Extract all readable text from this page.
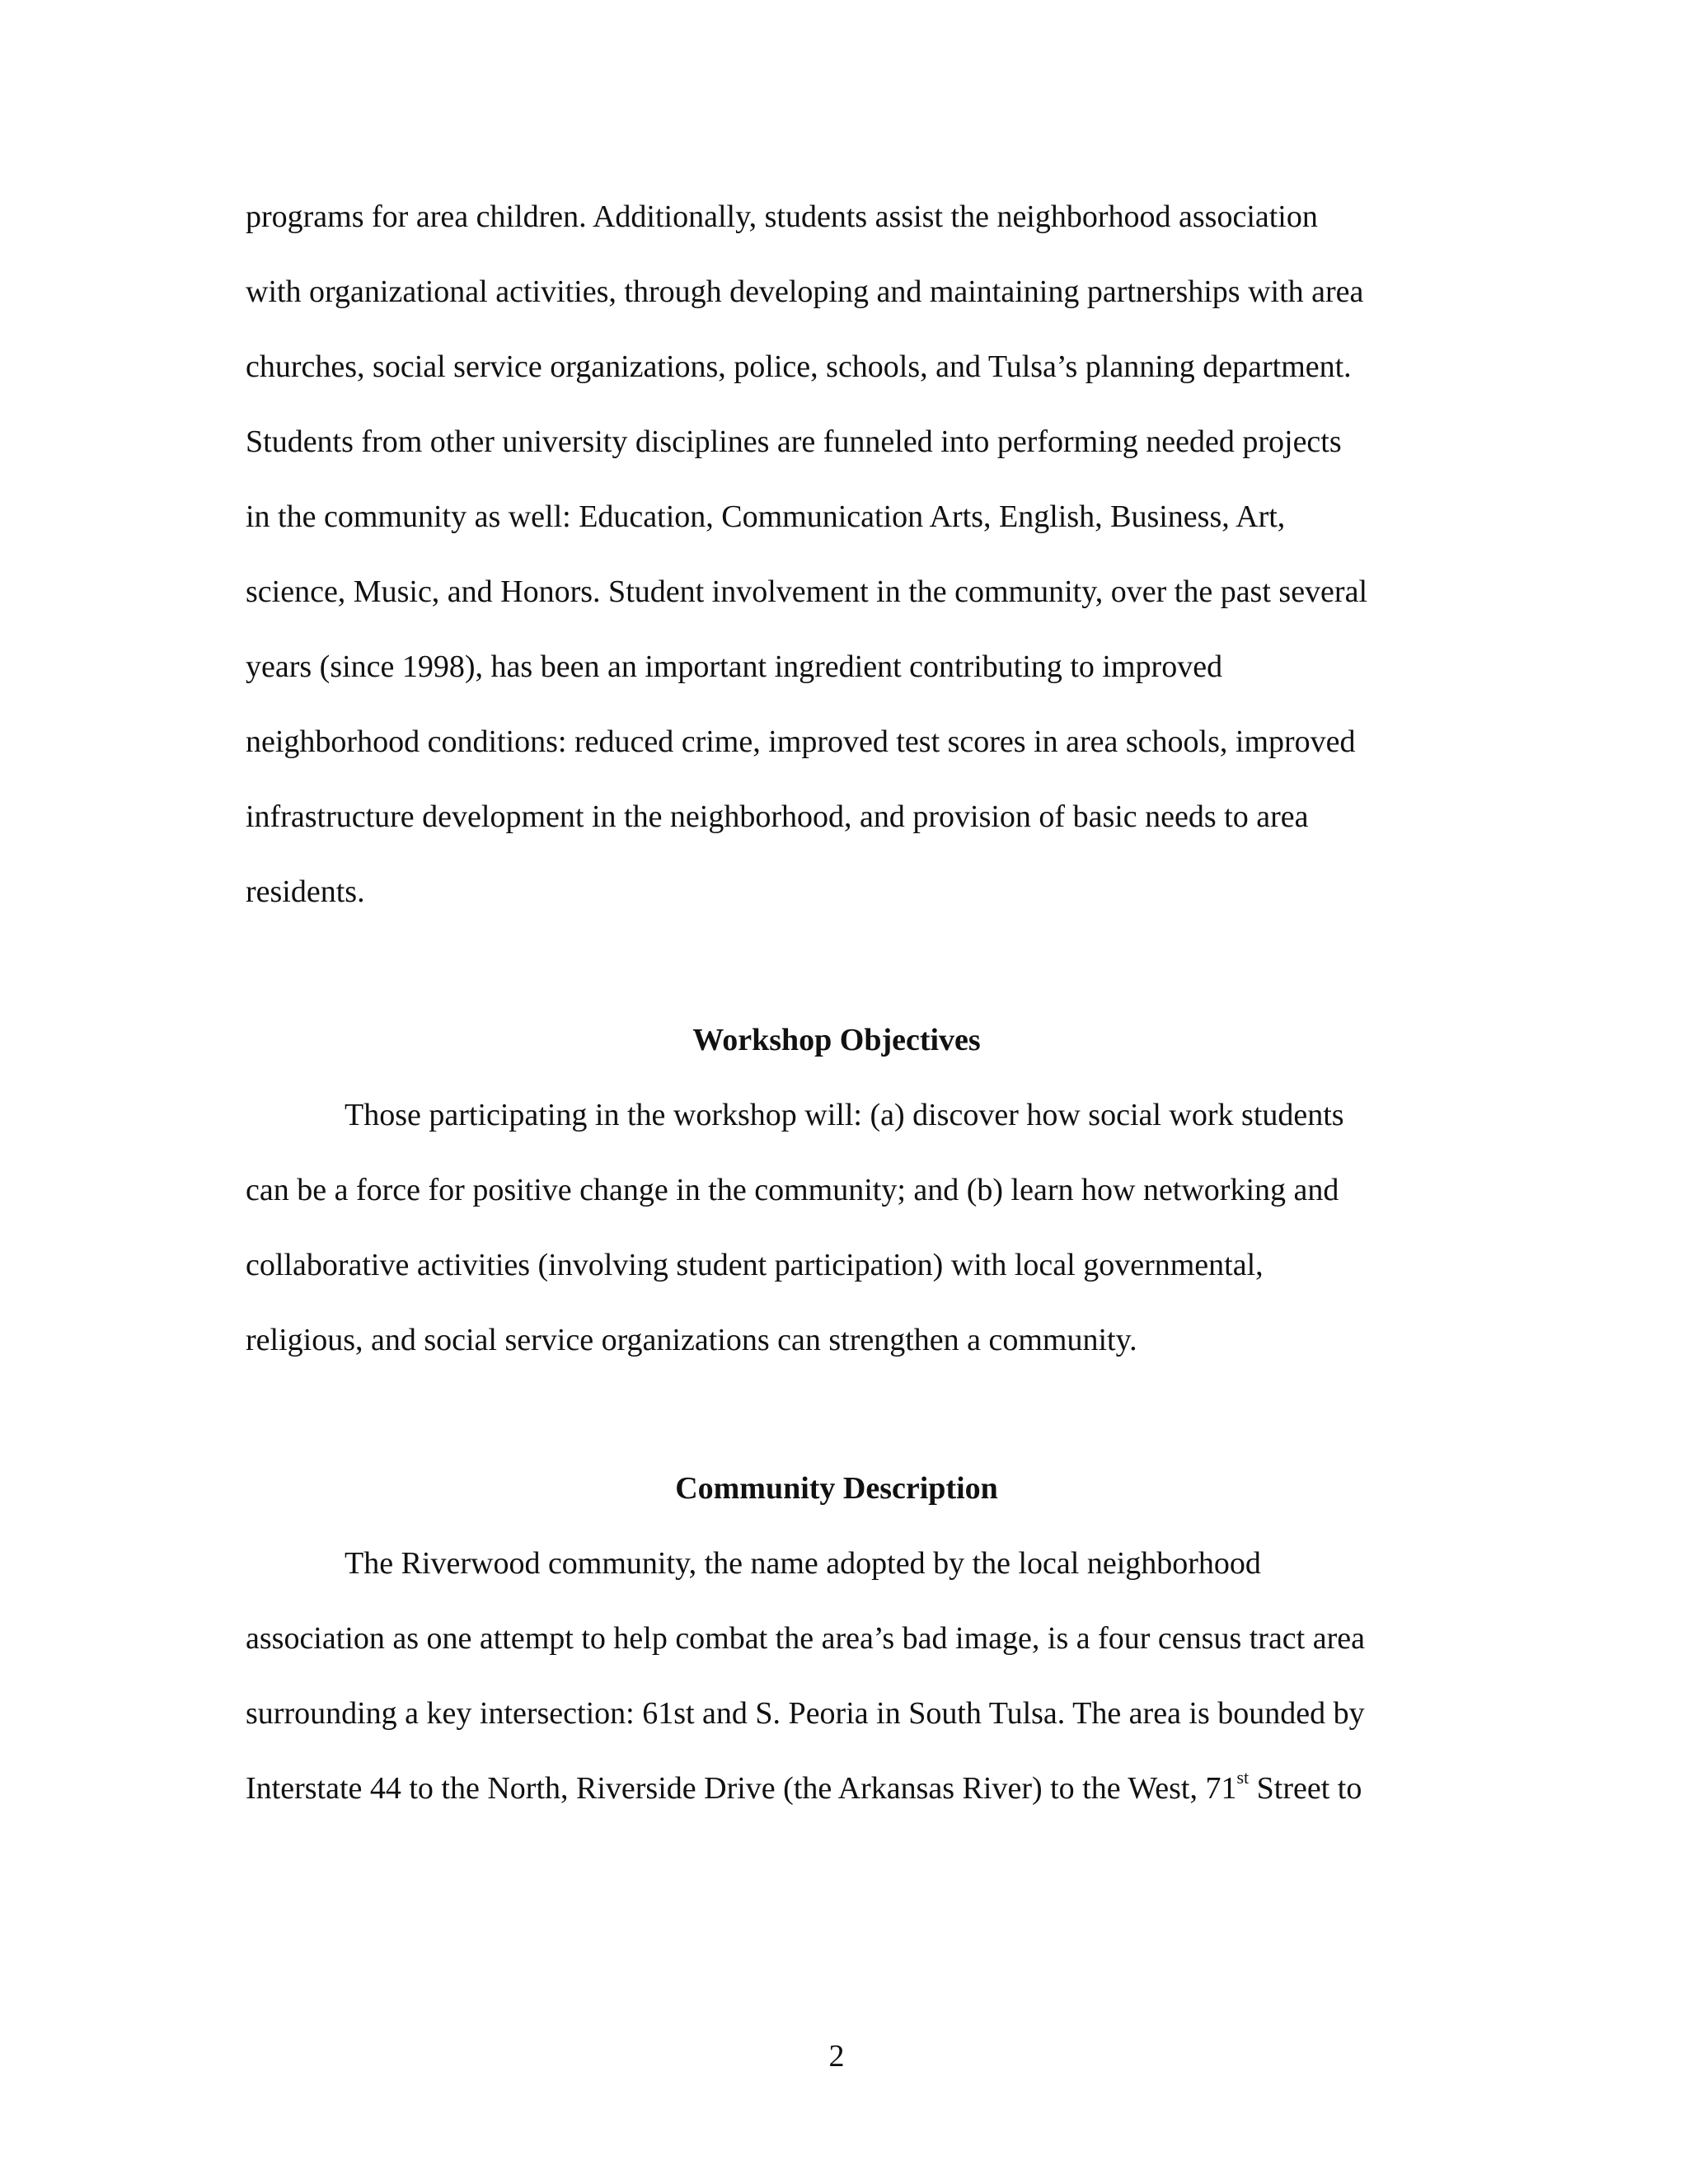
programs for area children. Additionally, students assist the neighborhood association
with organizational activities, through developing and maintaining partnerships with area
churches, social service organizations, police, schools, and Tulsa’s planning department.
Students from other university disciplines are funneled into performing needed projects
in the community as well: Education, Communication Arts, English, Business, Art,
science, Music, and Honors. Student involvement in the community, over the past several
years (since 1998), has been an important ingredient contributing to improved
neighborhood conditions: reduced crime, improved test scores in area schools, improved
infrastructure development in the neighborhood, and provision of basic needs to area
residents.
Workshop Objectives
Those participating in the workshop will: (a) discover how social work students
can be a force for positive change in the community; and (b) learn how networking and
collaborative activities (involving student participation) with local governmental,
religious, and social service organizations can strengthen a community.
Community Description
The Riverwood community, the name adopted by the local neighborhood
association as one attempt to help combat the area’s bad image, is a four census tract area
surrounding a key intersection: 61st and S. Peoria in South Tulsa. The area is bounded by
Interstate 44 to the North, Riverside Drive (the Arkansas River) to the West, 71st Street to
2
